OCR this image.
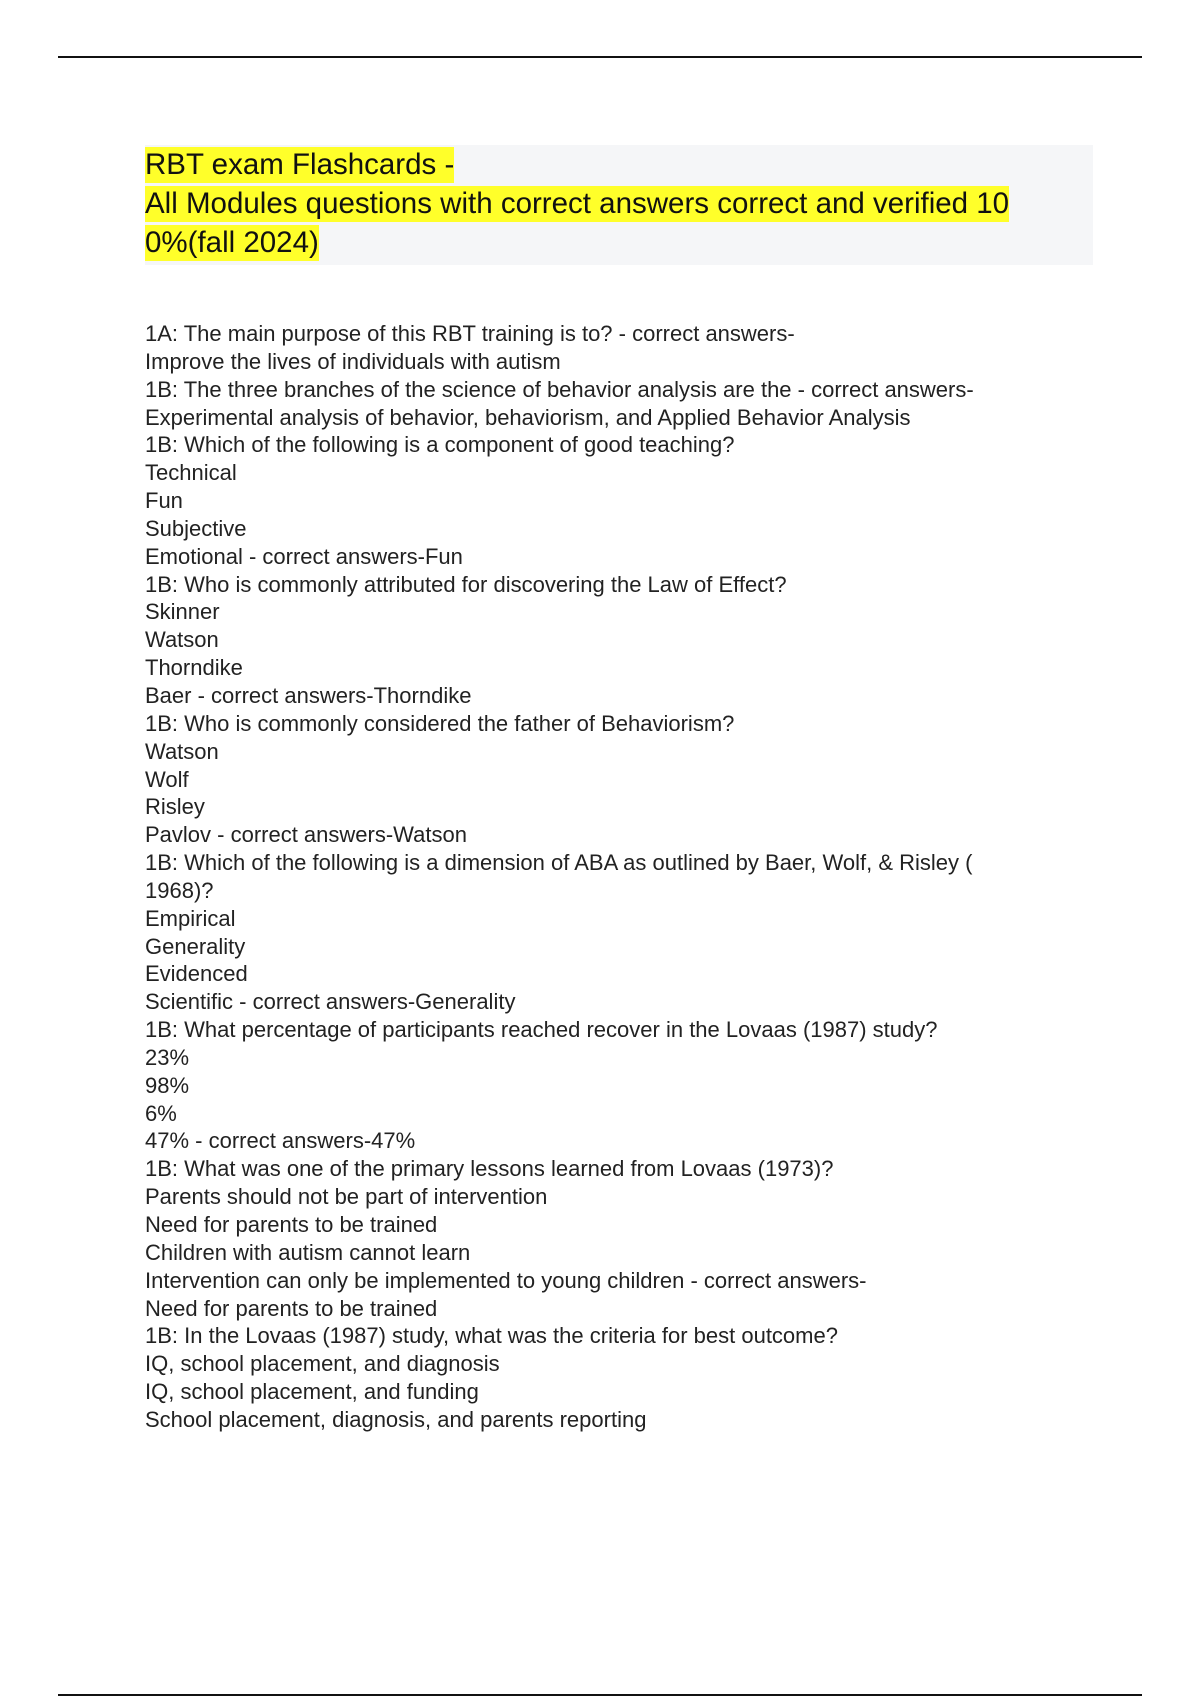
RBT exam Flashcards -
All Modules questions with correct answers correct and verified 10
0%(fall 2024)
1A: The main purpose of this RBT training is to? - correct answers-
Improve the lives of individuals with autism
1B: The three branches of the science of behavior analysis are the - correct answers-
Experimental analysis of behavior, behaviorism, and Applied Behavior Analysis
1B: Which of the following is a component of good teaching?
Technical
Fun
Subjective
Emotional - correct answers-Fun
1B: Who is commonly attributed for discovering the Law of Effect?
Skinner
Watson
Thorndike
Baer - correct answers-Thorndike
1B: Who is commonly considered the father of Behaviorism?
Watson
Wolf
Risley
Pavlov - correct answers-Watson
1B: Which of the following is a dimension of ABA as outlined by Baer, Wolf, & Risley (
1968)?
Empirical
Generality
Evidenced
Scientific - correct answers-Generality
1B: What percentage of participants reached recover in the Lovaas (1987) study?
23%
98%
6%
47% - correct answers-47%
1B: What was one of the primary lessons learned from Lovaas (1973)?
Parents should not be part of intervention
Need for parents to be trained
Children with autism cannot learn
Intervention can only be implemented to young children - correct answers-
Need for parents to be trained
1B: In the Lovaas (1987) study, what was the criteria for best outcome?
IQ, school placement, and diagnosis
IQ, school placement, and funding
School placement, diagnosis, and parents reporting
